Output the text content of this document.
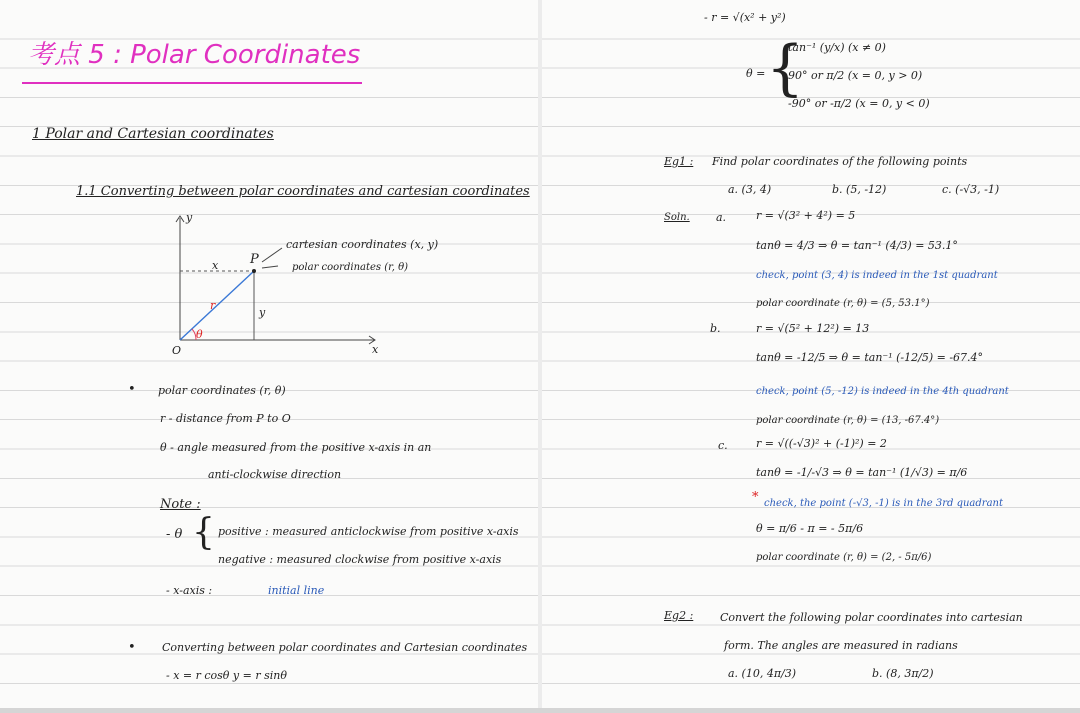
考点 5 : Polar Coordinates
1 Polar and Cartesian coordinates
1.1 Converting between polar coordinates and cartesian coordinates
y
x
O
P
x
y
r
θ
cartesian coordinates (x, y)
polar coordinates (r, θ)
• polar coordinates (r, θ)
r - distance from P to O
θ - angle measured from the positive x-axis in an
anti-clockwise direction
Note :
- θ { positive : measured anticlockwise from positive x-axis
negative : measured clockwise from positive x-axis
- x-axis :	initial line
• Converting between polar coordinates and Cartesian coordinates
- x = r cosθ y = r sinθ
- r = √(x² + y²)
θ = {
tan⁻¹ (y/x) (x ≠ 0)
90° or π/2 (x = 0, y > 0)
-90° or -π/2 (x = 0, y < 0)
Eg1 : Find polar coordinates of the following points
a. (3, 4)	b. (5, -12)	c. (-√3, -1)
Soln. a.	r = √(3² + 4²) = 5
tanθ = 4/3 ⇒ θ = tan⁻¹ (4/3) = 53.1°
check, point (3, 4) is indeed in the 1st quadrant
polar coordinate (r, θ) = (5, 53.1°)
b.	r = √(5² + 12²) = 13
tanθ = -12/5 ⇒ θ = tan⁻¹ (-12/5) = -67.4°
check, point (5, -12) is indeed in the 4th quadrant
polar coordinate (r, θ) = (13, -67.4°)
c.	r = √((-√3)² + (-1)²) = 2
tanθ = -1/-√3 ⇒ θ = tan⁻¹ (1/√3) = π/6
* check, the point (-√3, -1) is in the 3rd quadrant
θ = π/6 - π = - 5π/6
polar coordinate (r, θ) = (2, - 5π/6)
Eg2 : Convert the following polar coordinates into cartesian
form. The angles are measured in radians
a. (10, 4π/3)	b. (8, 3π/2)
